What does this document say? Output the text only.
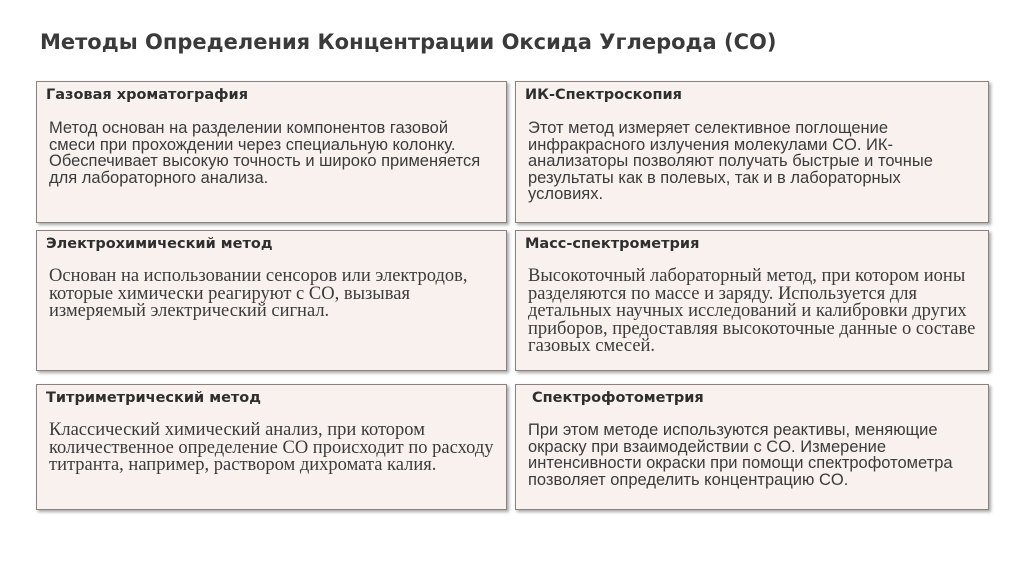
Методы Определения Концентрации Оксида Углерода (CO)
Газовая хроматография
Метод основан на разделении компонентов газовой смеси при прохождении через специальную колонку. Обеспечивает высокую точность и широко применяется для лабораторного анализа.
ИК-Спектроскопия
Этот метод измеряет селективное поглощение инфракрасного излучения молекулами CO. ИК-анализаторы позволяют получать быстрые и точные результаты как в полевых, так и в лабораторных условиях.
Электрохимический метод
Основан на использовании сенсоров или электродов, которые химически реагируют с CO, вызывая измеряемый электрический сигнал.
Масс-спектрометрия
Высокоточный лабораторный метод, при котором ионы разделяются по массе и заряду. Используется для детальных научных исследований и калибровки других приборов, предоставляя высокоточные данные о составе газовых смесей.
Титриметрический метод
Классический химический анализ, при котором количественное определение CO происходит по расходу титранта, например, раствором дихромата калия.
Спектрофотометрия
При этом методе используются реактивы, меняющие окраску при взаимодействии с CO. Измерение интенсивности окраски при помощи спектрофотометра позволяет определить концентрацию CO.
